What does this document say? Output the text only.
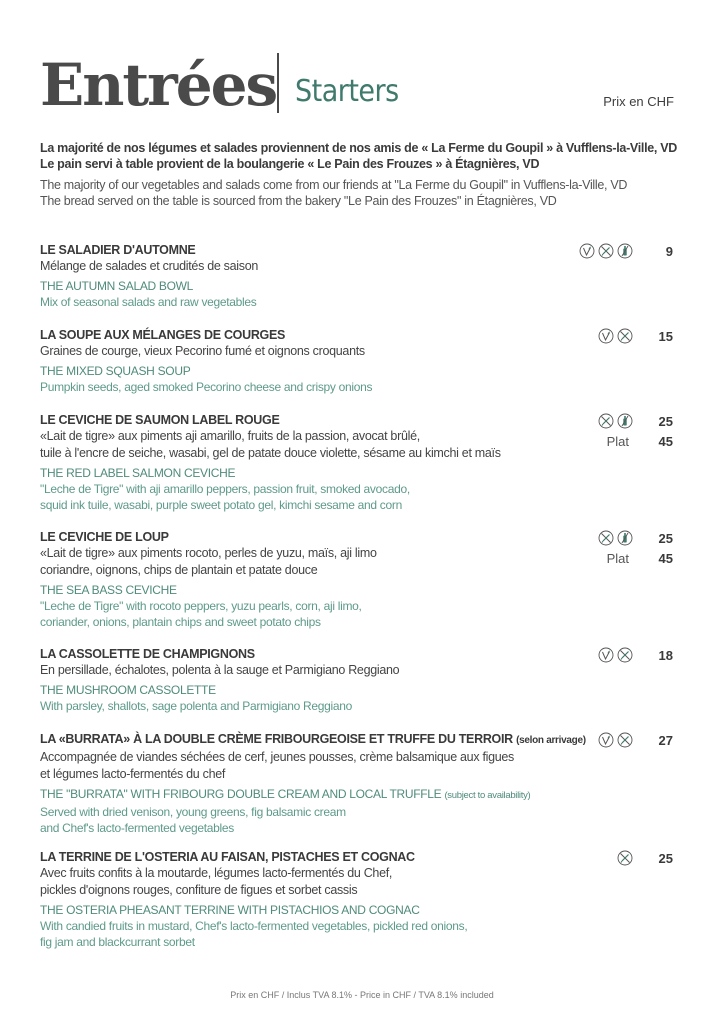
Entrées Starters	Prix en CHF
La majorité de nos légumes et salades proviennent de nos amis de « La Ferme du Goupil » à Vufflens-la-Ville, VD
Le pain servi à table provient de la boulangerie « Le Pain des Frouzes » à Étagnières, VD
The majority of our vegetables and salads come from our friends at "La Ferme du Goupil" in Vufflens-la-Ville, VD
The bread served on the table is sourced from the bakery "Le Pain des Frouzes" in Étagnières, VD
LE SALADIER D'AUTOMNE
Mélange de salades et crudités de saison
THE AUTUMN SALAD BOWL
Mix of seasonal salads and raw vegetables
9
LA SOUPE AUX MÉLANGES DE COURGES
Graines de courge, vieux Pecorino fumé et oignons croquants
THE MIXED SQUASH SOUP
Pumpkin seeds, aged smoked Pecorino cheese and crispy onions
15
LE CEVICHE DE SAUMON LABEL ROUGE
«Lait de tigre» aux piments aji amarillo, fruits de la passion, avocat brûlé,
tuile à l'encre de seiche, wasabi, gel de patate douce violette, sésame au kimchi et maïs
THE RED LABEL SALMON CEVICHE
"Leche de Tigre" with aji amarillo peppers, passion fruit, smoked avocado,
squid ink tuile, wasabi, purple sweet potato gel, kimchi sesame and corn
25
Plat	45
LE CEVICHE DE LOUP
«Lait de tigre» aux piments rocoto, perles de yuzu, maïs, aji limo
coriandre, oignons, chips de plantain et patate douce
THE SEA BASS CEVICHE
"Leche de Tigre" with rocoto peppers, yuzu pearls, corn, aji limo,
coriander, onions, plantain chips and sweet potato chips
25
Plat	45
LA CASSOLETTE DE CHAMPIGNONS
En persillade, échalotes, polenta à la sauge et Parmigiano Reggiano
THE MUSHROOM CASSOLETTE
With parsley, shallots, sage polenta and Parmigiano Reggiano
18
LA «BURRATA» À LA DOUBLE CRÈME FRIBOURGEOISE ET TRUFFE DU TERROIR (selon arrivage)
Accompagnée de viandes séchées de cerf, jeunes pousses, crème balsamique aux figues
et légumes lacto-fermentés du chef
THE "BURRATA" WITH FRIBOURG DOUBLE CREAM AND LOCAL TRUFFLE (subject to availability)
Served with dried venison, young greens, fig balsamic cream
and Chef's lacto-fermented vegetables
27
LA TERRINE DE L'OSTERIA AU FAISAN, PISTACHES ET COGNAC
Avec fruits confits à la moutarde, légumes lacto-fermentés du Chef,
pickles d'oignons rouges, confiture de figues et sorbet cassis
THE OSTERIA PHEASANT TERRINE WITH PISTACHIOS AND COGNAC
With candied fruits in mustard, Chef's lacto-fermented vegetables, pickled red onions,
fig jam and blackcurrant sorbet
25
Prix en CHF / Inclus TVA 8.1% - Price in CHF / TVA 8.1% included
